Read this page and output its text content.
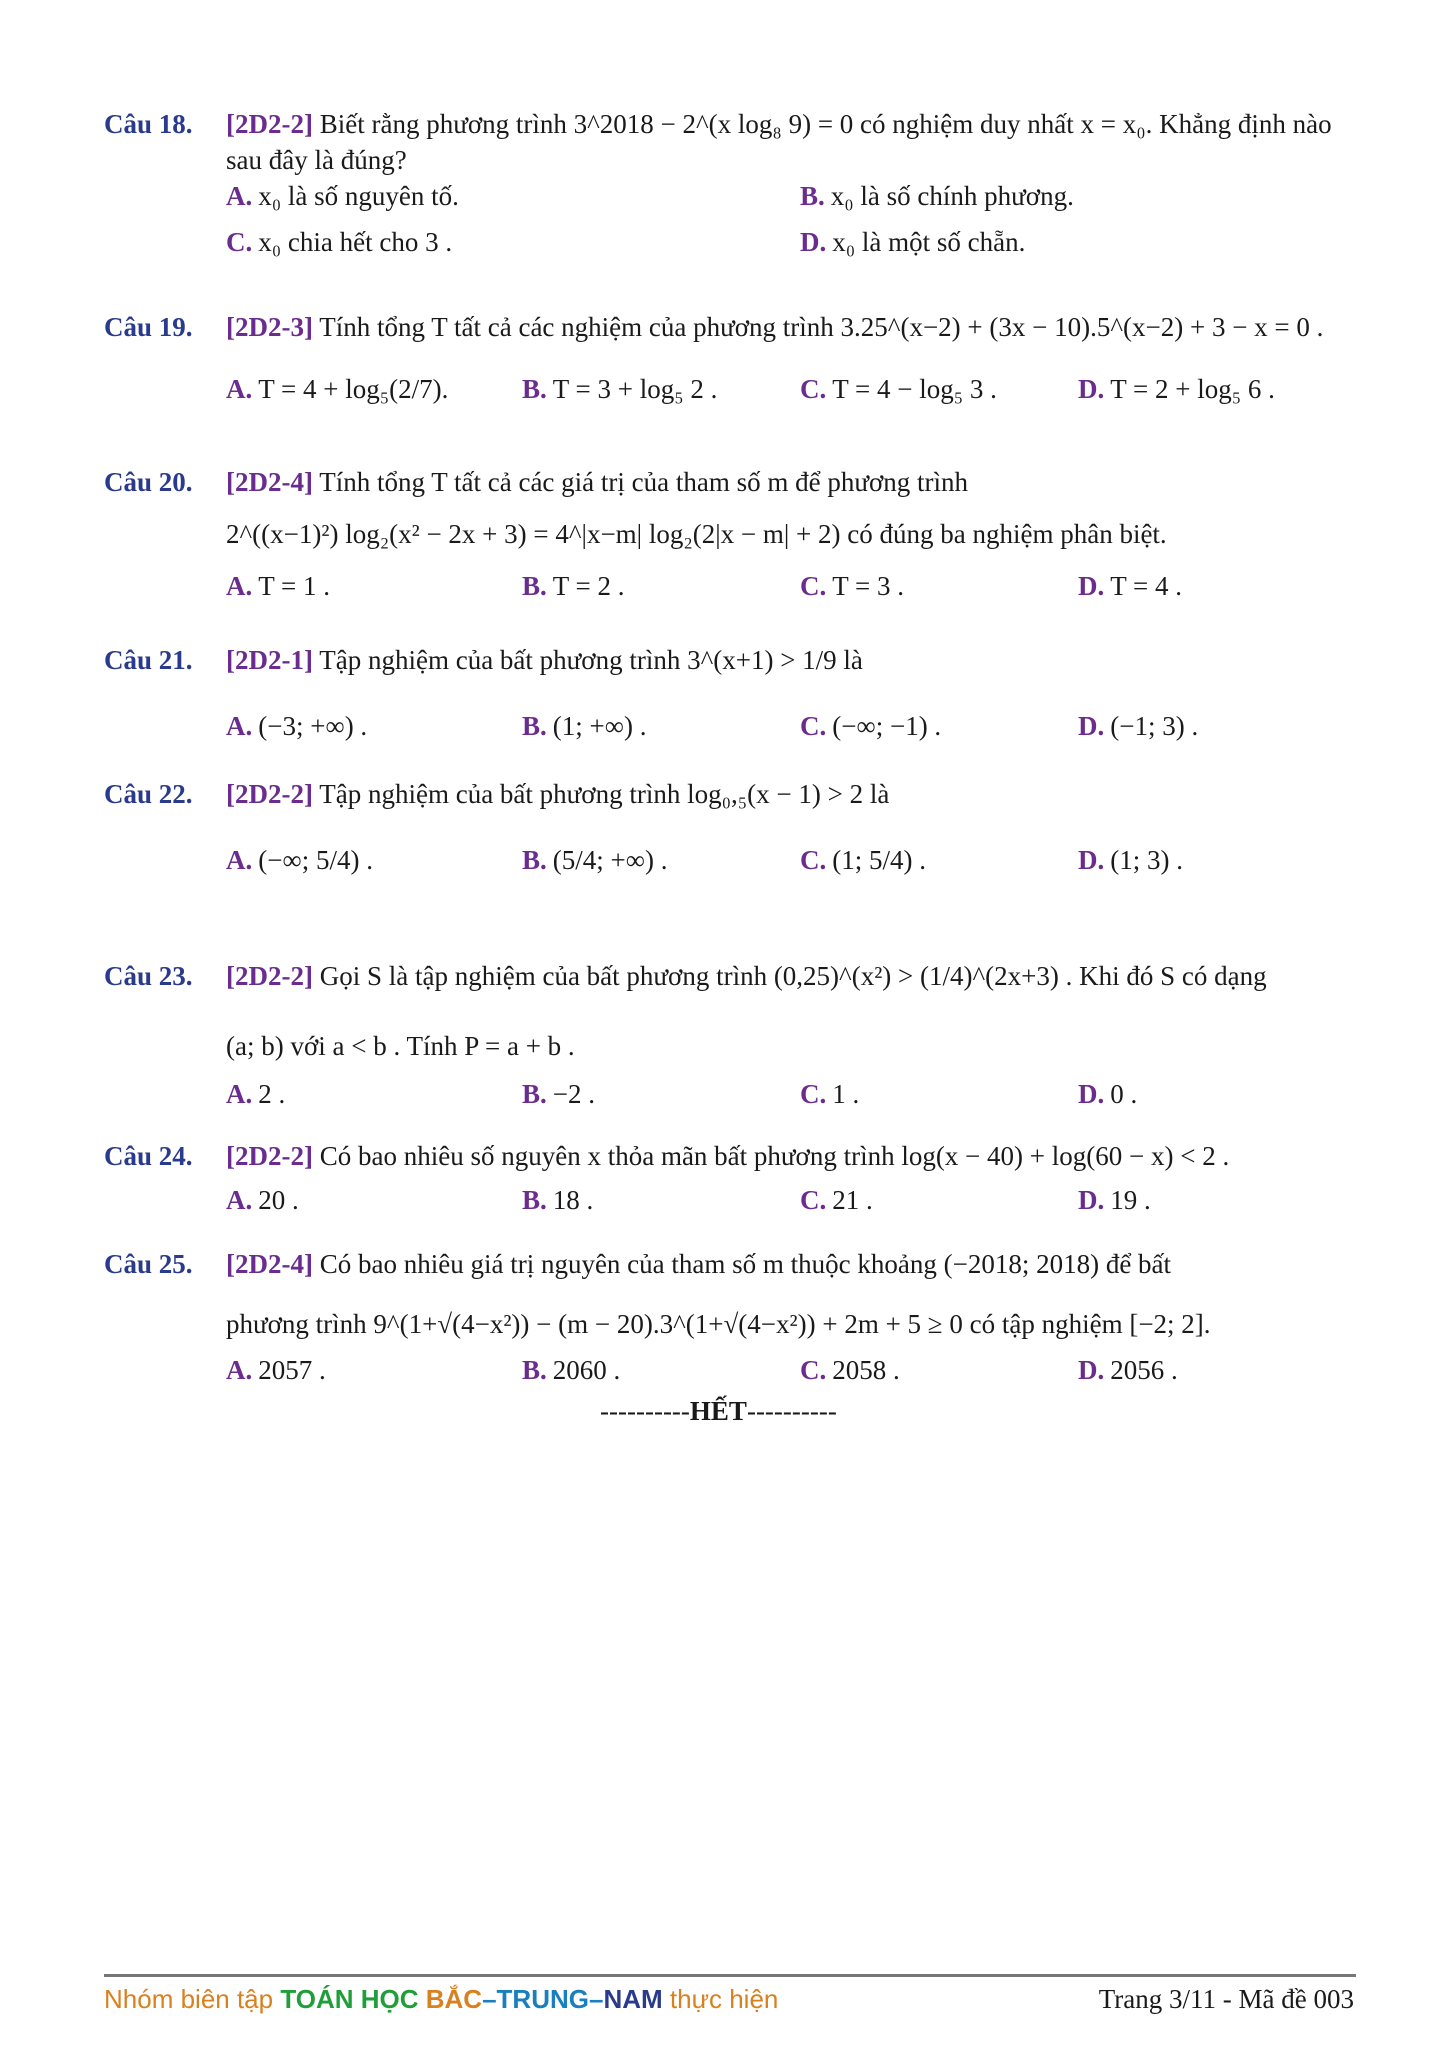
Câu 18. [2D2-2] Biết rằng phương trình 3^2018 − 2^(x log₈ 9) = 0 có nghiệm duy nhất x = x₀. Khẳng định nào
sau đây là đúng?
A. x₀ là số nguyên tố.	B. x₀ là số chính phương.
C. x₀ chia hết cho 3 .	D. x₀ là một số chẵn.
Câu 19. [2D2-3] Tính tổng T tất cả các nghiệm của phương trình 3.25^(x−2) + (3x − 10).5^(x−2) + 3 − x = 0 .
A. T = 4 + log₅(2/7).	B. T = 3 + log₅ 2 .	C. T = 4 − log₅ 3 .	D. T = 2 + log₅ 6 .
Câu 20. [2D2-4] Tính tổng T tất cả các giá trị của tham số m để phương trình
2^((x−1)²) log₂(x² − 2x + 3) = 4^|x−m| log₂(2|x − m| + 2) có đúng ba nghiệm phân biệt.
A. T = 1 .	B. T = 2 .	C. T = 3 .	D. T = 4 .
Câu 21. [2D2-1] Tập nghiệm của bất phương trình 3^(x+1) > 1/9 là
A. (−3; +∞) .	B. (1; +∞) .	C. (−∞; −1) .	D. (−1; 3) .
Câu 22. [2D2-2] Tập nghiệm của bất phương trình log₀,₅(x − 1) > 2 là
A. (−∞; 5/4) .	B. (5/4; +∞) .	C. (1; 5/4) .	D. (1; 3) .
Câu 23. [2D2-2] Gọi S là tập nghiệm của bất phương trình (0,25)^(x²) > (1/4)^(2x+3) . Khi đó S có dạng
(a; b) với a < b . Tính P = a + b .
A. 2 .	B. −2 .	C. 1 .	D. 0 .
Câu 24. [2D2-2] Có bao nhiêu số nguyên x thỏa mãn bất phương trình log(x − 40) + log(60 − x) < 2 .
A. 20 .	B. 18 .	C. 21 .	D. 19 .
Câu 25. [2D2-4] Có bao nhiêu giá trị nguyên của tham số m thuộc khoảng (−2018; 2018) để bất
phương trình 9^(1+√(4−x²)) − (m − 20).3^(1+√(4−x²)) + 2m + 5 ≥ 0 có tập nghiệm [−2; 2].
A. 2057 .	B. 2060 .	C. 2058 .	D. 2056 .
----------HẾT----------
Nhóm biên tập TOÁN HỌC BẮC–TRUNG–NAM thực hiện	Trang 3/11 - Mã đề 003
